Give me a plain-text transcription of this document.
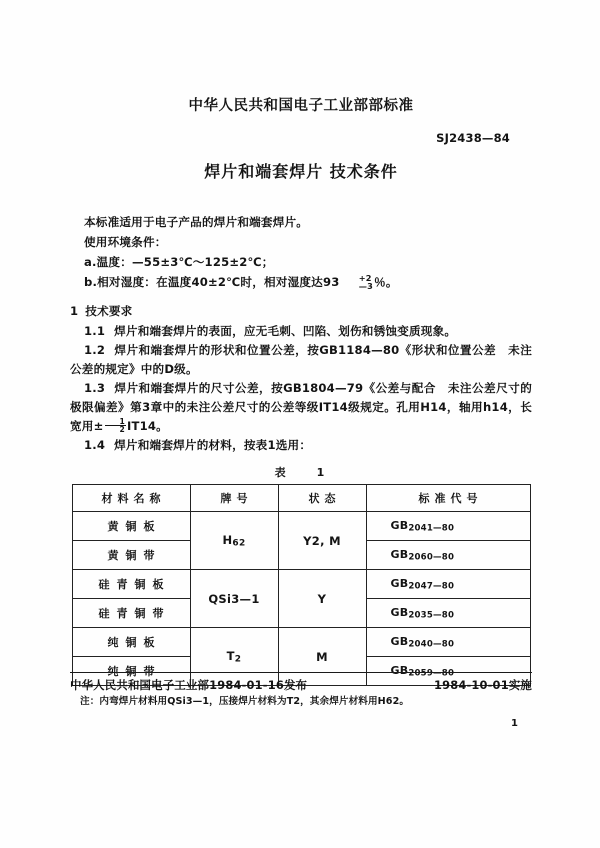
中华人民共和国电子工业部部标准
SJ2438—84
焊片和端套焊片 技术条件

本标准适用于电子产品的焊片和端套焊片。

使用环境条件：

a.温度：—55±3℃～125±2℃；

b.相对湿度：在温度40±2℃时，相对湿度达93	+2
—3 ％。

1 技术要求

1.1 焊片和端套焊片的表面，应无毛刺、凹陷、划伤和锈蚀变质现象。

1.2 焊片和端套焊片的形状和位置公差，按GB1184—80《形状和位置公差　未注公差的规定》中的D级。

1.3 焊片和端套焊片的尺寸公差，按GB1804—79《公差与配合　未注公差尺寸的极限偏差》第3章中的未注公差尺寸的公差等级IT14级规定。孔用H14，轴用h14，长宽用± $\frac{1}{2} IT14$。

1.4 焊片和端套焊片的材料，按表1选用：

表　　1
材料名称	牌号	状态	标准代号
黄铜板	H62	Y2, M	GB2041—80
黄铜带			GB2060—80
硅青铜板	QSi3—1	Y	GB2047—80
硅青铜带			GB2035—80
纯铜板	T2	M	GB2040—80
纯铜带			GB2059—80
注：内弯焊片材料用QSi3—1，压接焊片材料为T2，其余焊片材料用H62。
中华人民共和国电子工业部1984-01-16发布	1984-10-01实施
1
